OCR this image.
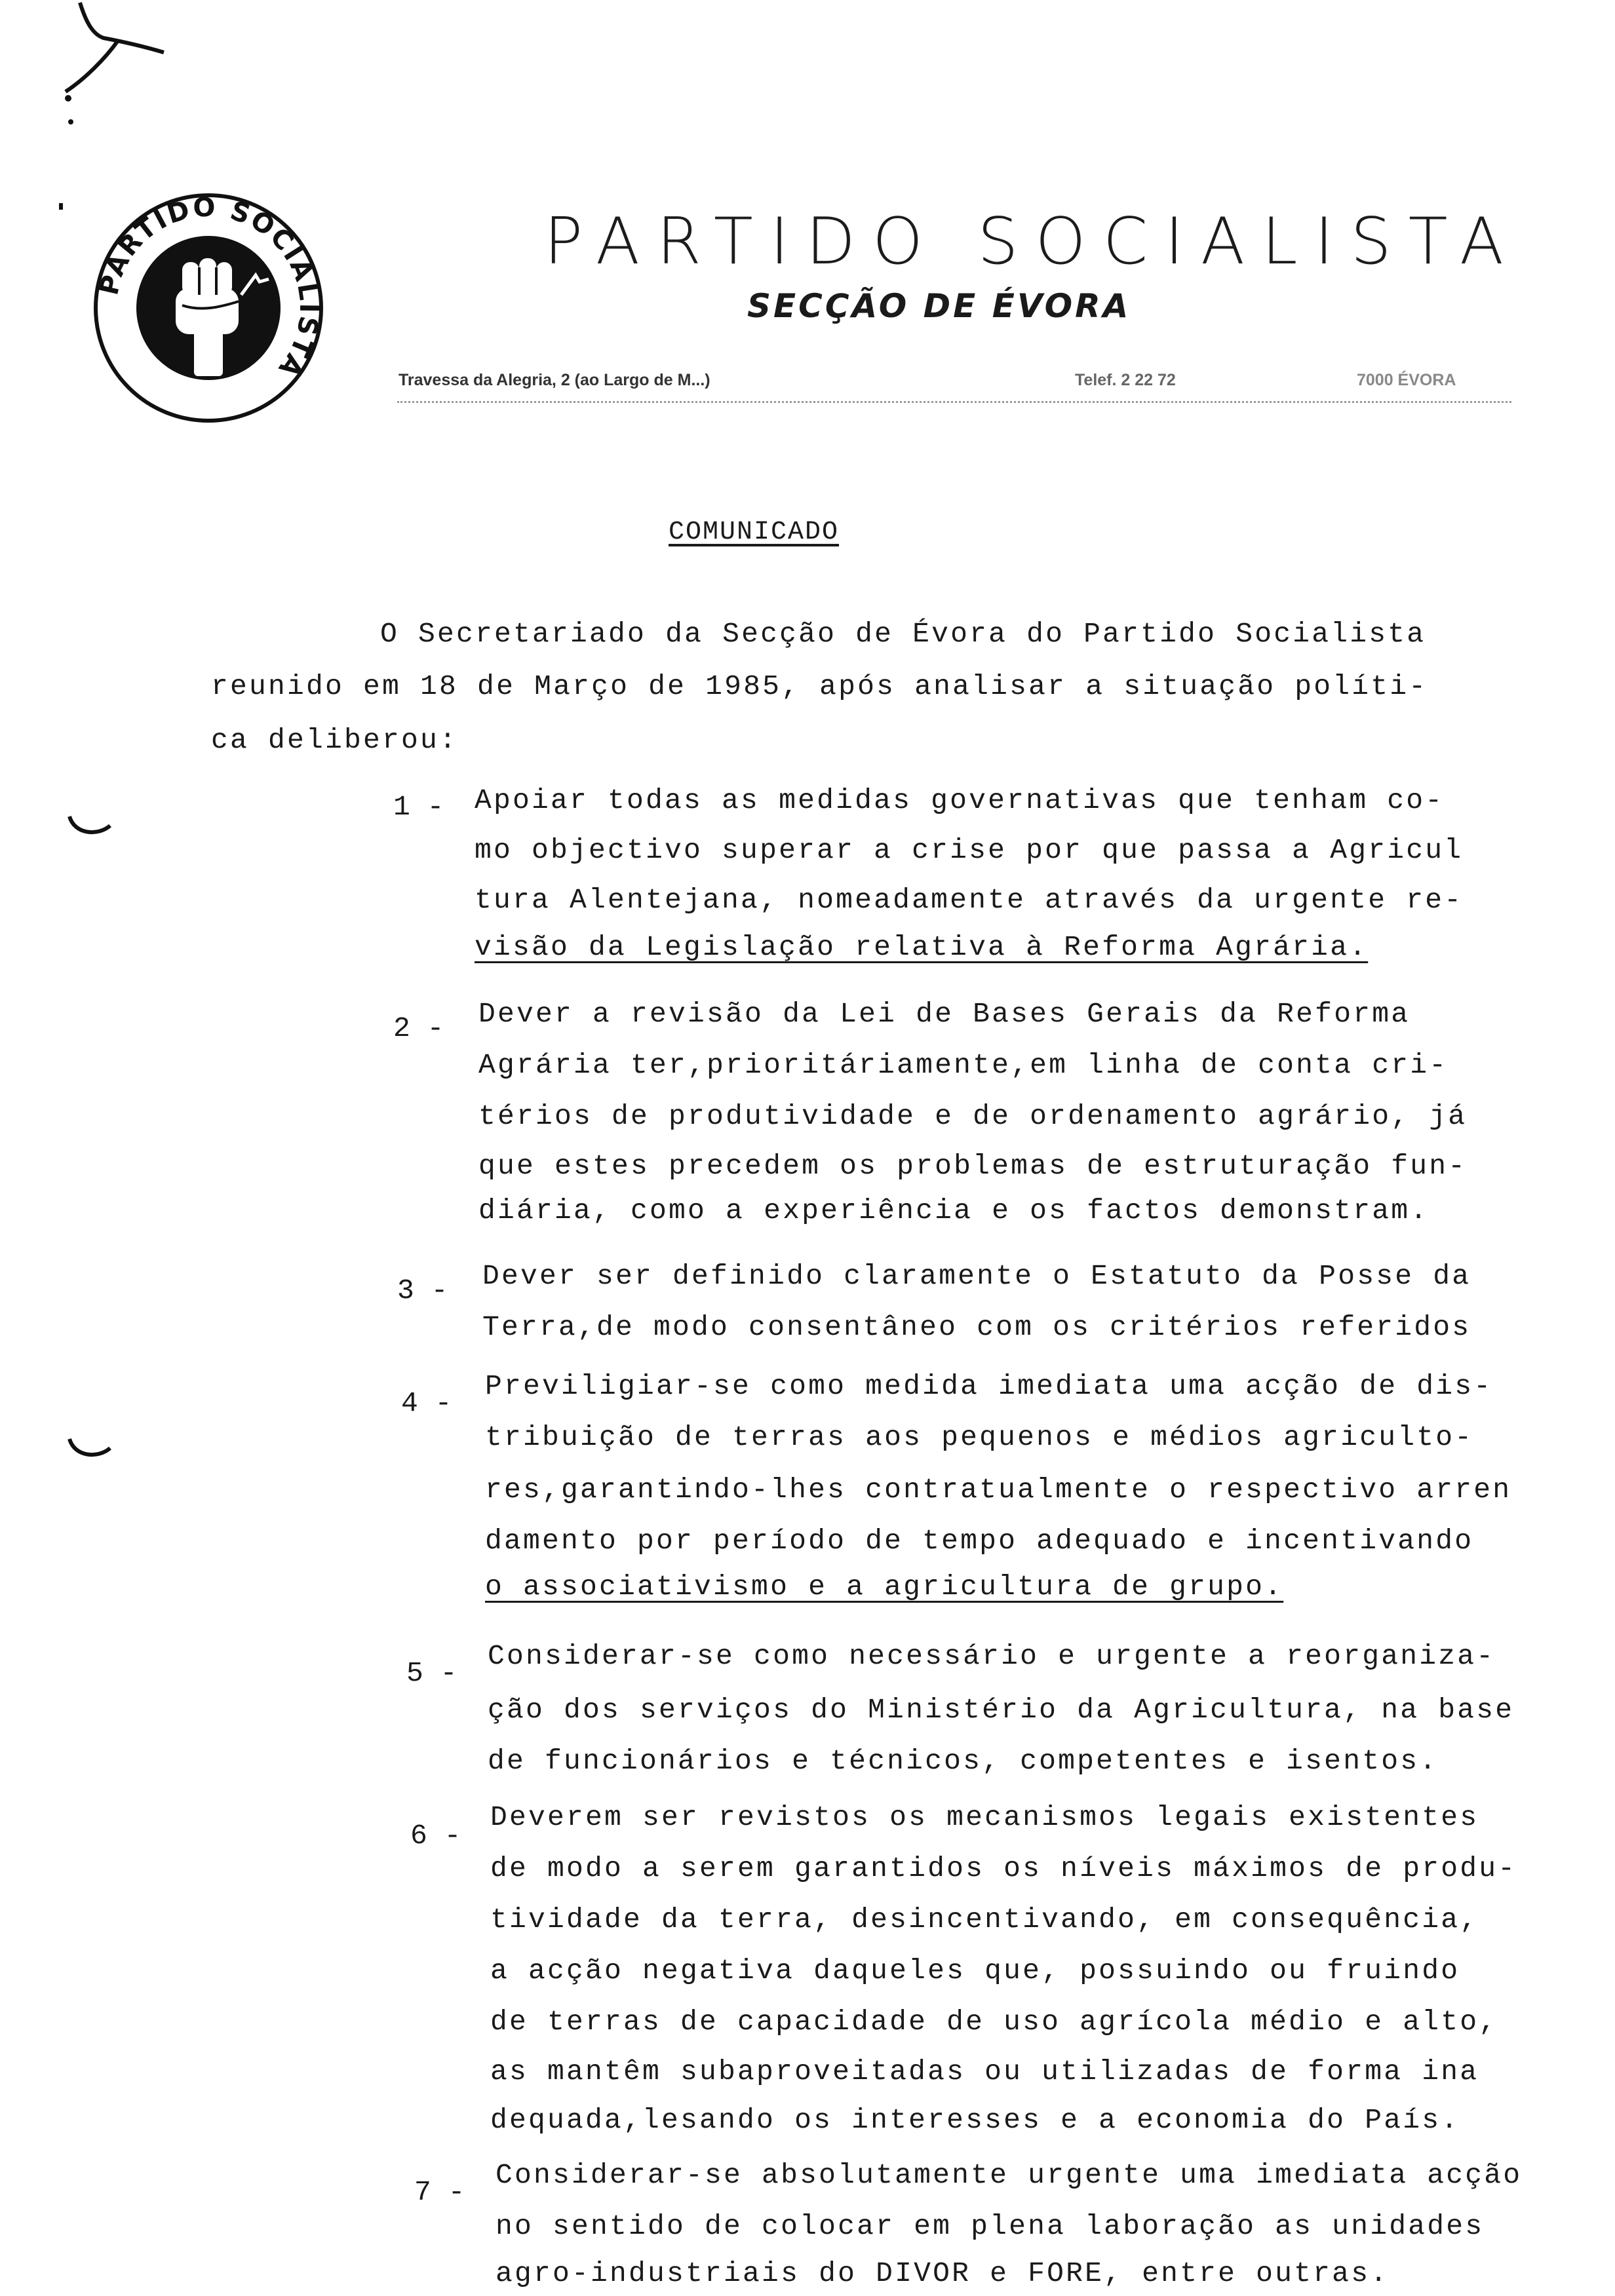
PARTIDO SOCIALISTA
PARTIDO SOCIALISTA
SECÇÃO DE ÉVORA
Travessa da Alegria, 2 (ao Largo de M...)	Telef. 2 22 72	7000 ÉVORA
COMUNICADO
O Secretariado da Secção de Évora do Partido Socialista
reunido em 18 de Março de 1985, após analisar a situação políti-
ca deliberou:
1 - Apoiar todas as medidas governativas que tenham co-
mo objectivo superar a crise por que passa a Agricul
tura Alentejana, nomeadamente através da urgente re-
visão da Legislação relativa à Reforma Agrária.
2 - Dever a revisão da Lei de Bases Gerais da Reforma
Agrária ter,prioritáriamente,em linha de conta cri-
térios de produtividade e de ordenamento agrário, já
que estes precedem os problemas de estruturação fun-
diária, como a experiência e os factos demonstram.
3 - Dever ser definido claramente o Estatuto da Posse da
Terra,de modo consentâneo com os critérios referidos
4 -
Previligiar-se como medida imediata uma acção de dis-
tribuição de terras aos pequenos e médios agricultо-
res,garantindo-lhes contratualmente o respectivo arren
damento por período de tempo adequado e incentivando
o associativismo e a agricultura de grupo.
5 -
Considerar-se como necessário e urgente a reorganiza-
ção dos serviços do Ministério da Agricultura, na base
de funcionários e técnicos, competentes e isentos.
6 -
Deverem ser revistos os mecanismos legais existentes
de modo a serem garantidos os níveis máximos de produ-
tividade da terra, desincentivando, em consequência,
a acção negativa daqueles que, possuindo ou fruindo
de terras de capacidade de uso agrícola médio e alto,
as mantêm subaproveitadas ou utilizadas de forma ina
dequada,lesando os interesses e a economia do País.
7 -
Considerar-se absolutamente urgente uma imediata acção
no sentido de colocar em plena laboração as unidades
agro-industriais do DIVOR e FORE, entre outras.
